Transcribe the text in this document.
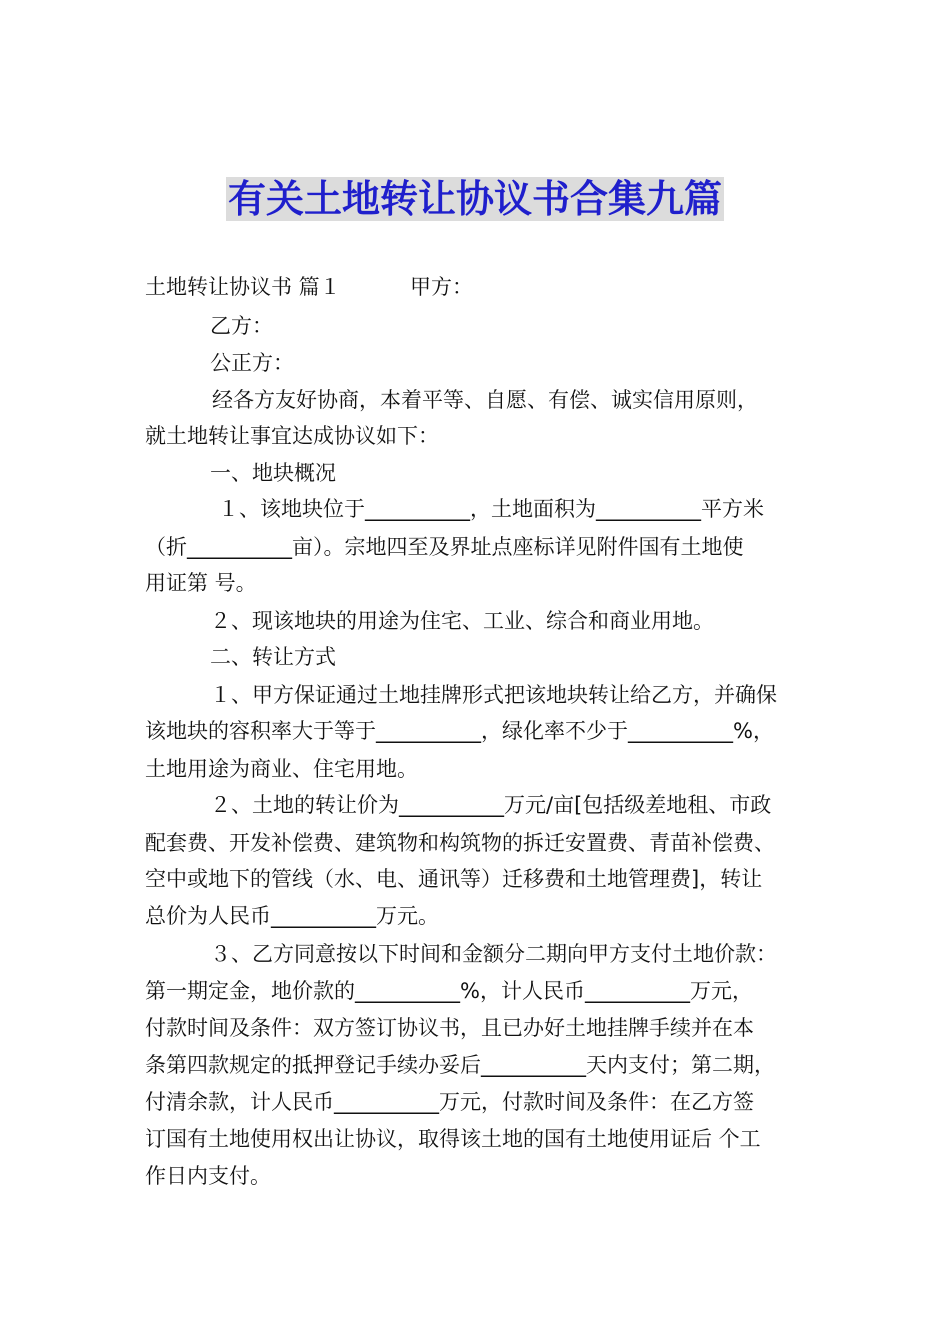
有关土地转让协议书合集九篇
土地转让协议书 篇１	甲方：
乙方：
公正方：
经各方友好协商，本着平等、自愿、有偿、诚实信用原则，
就土地转让事宜达成协议如下：
一、地块概况
１、该地块位于__________，土地面积为__________平方米
（折__________亩）。宗地四至及界址点座标详见附件国有土地使
用证第 号。
２、现该地块的用途为住宅、工业、综合和商业用地。
二、转让方式
１、甲方保证通过土地挂牌形式把该地块转让给乙方，并确保
该地块的容积率大于等于__________，绿化率不少于__________%，
土地用途为商业、住宅用地。
２、土地的转让价为__________万元/亩[包括级差地租、市政
配套费、开发补偿费、建筑物和构筑物的拆迁安置费、青苗补偿费、
空中或地下的管线（水、电、通讯等）迁移费和土地管理费]，转让
总价为人民币__________万元。
３、乙方同意按以下时间和金额分二期向甲方支付土地价款：
第一期定金，地价款的__________%，计人民币__________万元，
付款时间及条件：双方签订协议书，且已办好土地挂牌手续并在本
条第四款规定的抵押登记手续办妥后__________天内支付；第二期，
付清余款，计人民币__________万元，付款时间及条件：在乙方签
订国有土地使用权出让协议，取得该土地的国有土地使用证后 个工
作日内支付。
